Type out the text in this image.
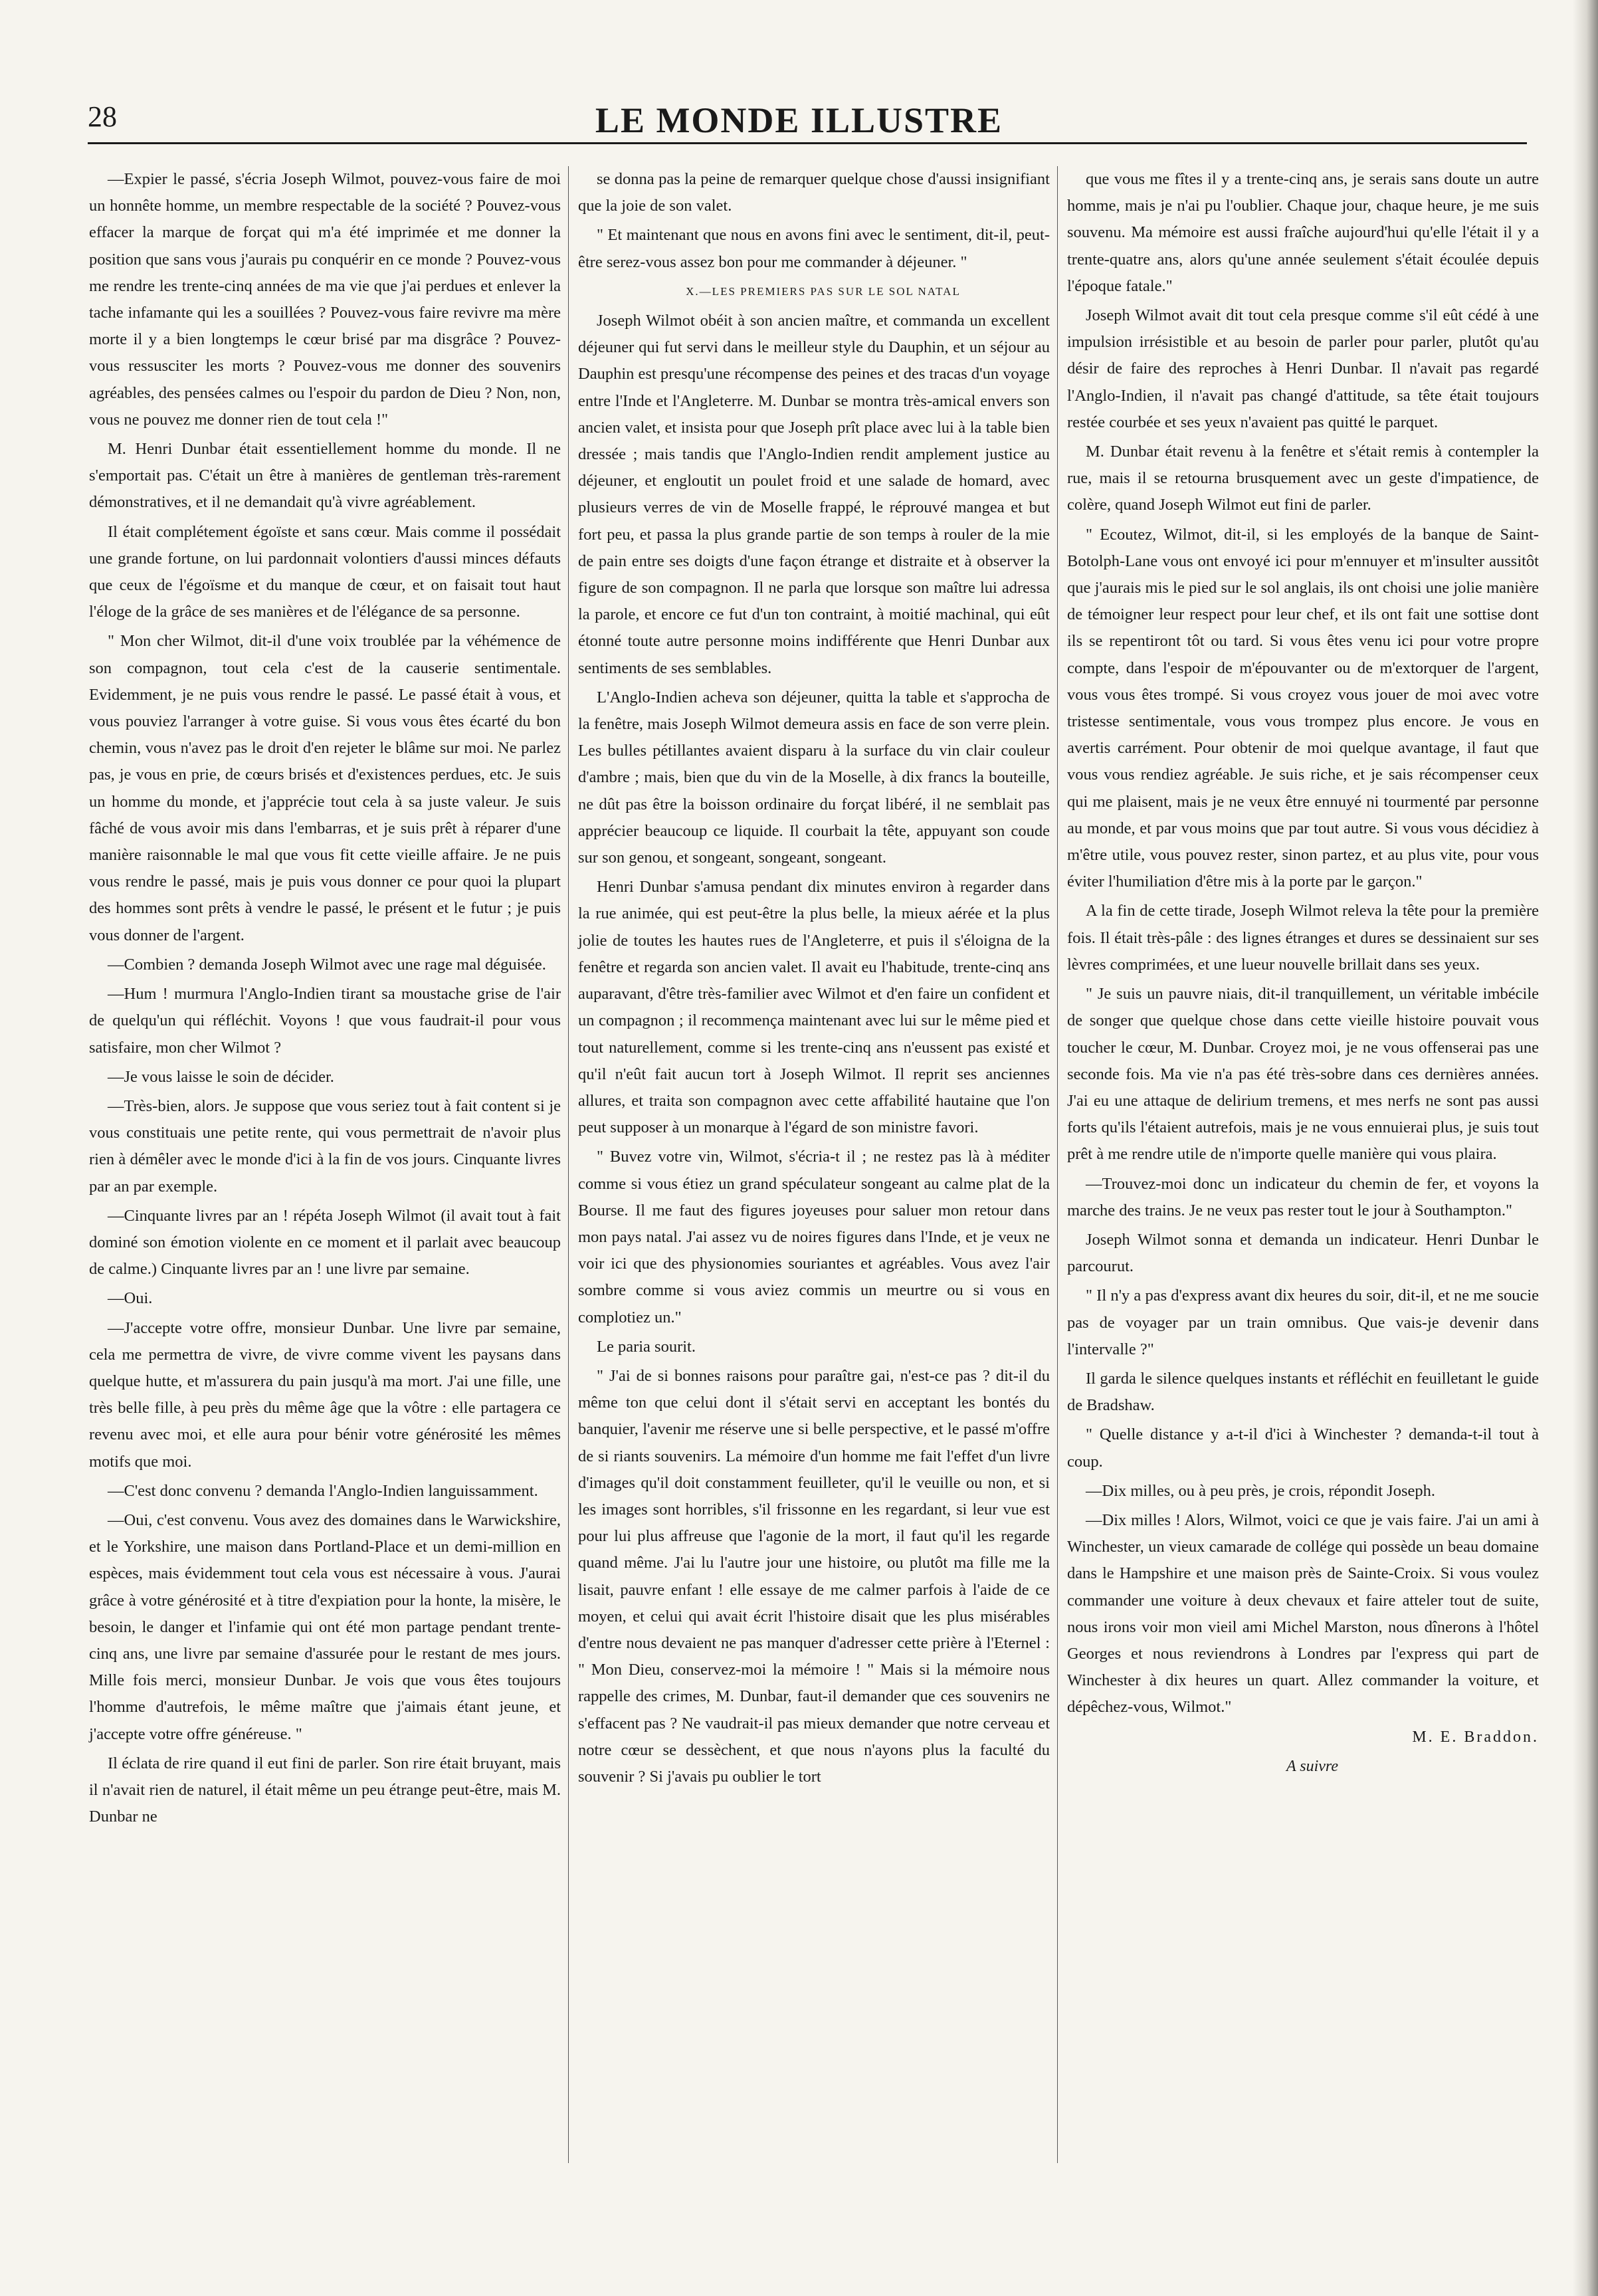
28	LE MONDE ILLUSTRE

—Expier le passé, s'écria Joseph Wilmot, pouvez-vous faire de moi un honnête homme, un membre respectable de la société ? Pouvez-vous effacer la marque de forçat qui m'a été imprimée et me donner la position que sans vous j'aurais pu conquérir en ce monde ? Pouvez-vous me rendre les trente-cinq années de ma vie que j'ai perdues et enlever la tache infamante qui les a souillées ? Pouvez-vous faire revivre ma mère morte il y a bien longtemps le cœur brisé par ma disgrâce ? Pouvez-vous ressusciter les morts ? Pouvez-vous me donner des souvenirs agréables, des pensées calmes ou l'espoir du pardon de Dieu ? Non, non, vous ne pouvez me donner rien de tout cela !"

M. Henri Dunbar était essentiellement homme du monde. Il ne s'emportait pas. C'était un être à manières de gentleman très-rarement démonstratives, et il ne demandait qu'à vivre agréablement.

Il était complétement égoïste et sans cœur. Mais comme il possédait une grande fortune, on lui pardonnait volontiers d'aussi minces défauts que ceux de l'égoïsme et du manque de cœur, et on faisait tout haut l'éloge de la grâce de ses manières et de l'élégance de sa personne.

" Mon cher Wilmot, dit-il d'une voix troublée par la véhémence de son compagnon, tout cela c'est de la causerie sentimentale. Evidemment, je ne puis vous rendre le passé. Le passé était à vous, et vous pouviez l'arranger à votre guise. Si vous vous êtes écarté du bon chemin, vous n'avez pas le droit d'en rejeter le blâme sur moi. Ne parlez pas, je vous en prie, de cœurs brisés et d'existences perdues, etc. Je suis un homme du monde, et j'apprécie tout cela à sa juste valeur. Je suis fâché de vous avoir mis dans l'embarras, et je suis prêt à réparer d'une manière raisonnable le mal que vous fit cette vieille affaire. Je ne puis vous rendre le passé, mais je puis vous donner ce pour quoi la plupart des hommes sont prêts à vendre le passé, le présent et le futur ; je puis vous donner de l'argent.

—Combien ? demanda Joseph Wilmot avec une rage mal déguisée.

—Hum ! murmura l'Anglo-Indien tirant sa moustache grise de l'air de quelqu'un qui réfléchit. Voyons ! que vous faudrait-il pour vous satisfaire, mon cher Wilmot ?

—Je vous laisse le soin de décider.

—Très-bien, alors. Je suppose que vous seriez tout à fait content si je vous constituais une petite rente, qui vous permettrait de n'avoir plus rien à démêler avec le monde d'ici à la fin de vos jours. Cinquante livres par an par exemple.

—Cinquante livres par an ! répéta Joseph Wilmot (il avait tout à fait dominé son émotion violente en ce moment et il parlait avec beaucoup de calme.) Cinquante livres par an ! une livre par semaine.

—Oui.

—J'accepte votre offre, monsieur Dunbar. Une livre par semaine, cela me permettra de vivre, de vivre comme vivent les paysans dans quelque hutte, et m'assurera du pain jusqu'à ma mort. J'ai une fille, une très belle fille, à peu près du même âge que la vôtre : elle partagera ce revenu avec moi, et elle aura pour bénir votre générosité les mêmes motifs que moi.

—C'est donc convenu ? demanda l'Anglo-Indien languissamment.

—Oui, c'est convenu. Vous avez des domaines dans le Warwickshire, et le Yorkshire, une maison dans Portland-Place et un demi-million en espèces, mais évidemment tout cela vous est nécessaire à vous. J'aurai grâce à votre générosité et à titre d'expiation pour la honte, la misère, le besoin, le danger et l'infamie qui ont été mon partage pendant trente-cinq ans, une livre par semaine d'assurée pour le restant de mes jours. Mille fois merci, monsieur Dunbar. Je vois que vous êtes toujours l'homme d'autrefois, le même maître que j'aimais étant jeune, et j'accepte votre offre généreuse. "

Il éclata de rire quand il eut fini de parler. Son rire était bruyant, mais il n'avait rien de naturel, il était même un peu étrange peut-être, mais M. Dunbar ne

se donna pas la peine de remarquer quelque chose d'aussi insignifiant que la joie de son valet.

" Et maintenant que nous en avons fini avec le sentiment, dit-il, peut-être serez-vous assez bon pour me commander à déjeuner. "

X.—LES PREMIERS PAS SUR LE SOL NATAL

Joseph Wilmot obéit à son ancien maître, et commanda un excellent déjeuner qui fut servi dans le meilleur style du Dauphin, et un séjour au Dauphin est presqu'une récompense des peines et des tracas d'un voyage entre l'Inde et l'Angleterre. M. Dunbar se montra très-amical envers son ancien valet, et insista pour que Joseph prît place avec lui à la table bien dressée ; mais tandis que l'Anglo-Indien rendit amplement justice au déjeuner, et engloutit un poulet froid et une salade de homard, avec plusieurs verres de vin de Moselle frappé, le réprouvé mangea et but fort peu, et passa la plus grande partie de son temps à rouler de la mie de pain entre ses doigts d'une façon étrange et distraite et à observer la figure de son compagnon. Il ne parla que lorsque son maître lui adressa la parole, et encore ce fut d'un ton contraint, à moitié machinal, qui eût étonné toute autre personne moins indifférente que Henri Dunbar aux sentiments de ses semblables.

L'Anglo-Indien acheva son déjeuner, quitta la table et s'approcha de la fenêtre, mais Joseph Wilmot demeura assis en face de son verre plein. Les bulles pétillantes avaient disparu à la surface du vin clair couleur d'ambre ; mais, bien que du vin de la Moselle, à dix francs la bouteille, ne dût pas être la boisson ordinaire du forçat libéré, il ne semblait pas apprécier beaucoup ce liquide. Il courbait la tête, appuyant son coude sur son genou, et songeant, songeant, songeant.

Henri Dunbar s'amusa pendant dix minutes environ à regarder dans la rue animée, qui est peut-être la plus belle, la mieux aérée et la plus jolie de toutes les hautes rues de l'Angleterre, et puis il s'éloigna de la fenêtre et regarda son ancien valet. Il avait eu l'habitude, trente-cinq ans auparavant, d'être très-familier avec Wilmot et d'en faire un confident et un compagnon ; il recommença maintenant avec lui sur le même pied et tout naturellement, comme si les trente-cinq ans n'eussent pas existé et qu'il n'eût fait aucun tort à Joseph Wilmot. Il reprit ses anciennes allures, et traita son compagnon avec cette affabilité hautaine que l'on peut supposer à un monarque à l'égard de son ministre favori.

" Buvez votre vin, Wilmot, s'écria-t il ; ne restez pas là à méditer comme si vous étiez un grand spéculateur songeant au calme plat de la Bourse. Il me faut des figures joyeuses pour saluer mon retour dans mon pays natal. J'ai assez vu de noires figures dans l'Inde, et je veux ne voir ici que des physionomies souriantes et agréables. Vous avez l'air sombre comme si vous aviez commis un meurtre ou si vous en complotiez un."

Le paria sourit.

" J'ai de si bonnes raisons pour paraître gai, n'est-ce pas ? dit-il du même ton que celui dont il s'était servi en acceptant les bontés du banquier, l'avenir me réserve une si belle perspective, et le passé m'offre de si riants souvenirs. La mémoire d'un homme me fait l'effet d'un livre d'images qu'il doit constamment feuilleter, qu'il le veuille ou non, et si les images sont horribles, s'il frissonne en les regardant, si leur vue est pour lui plus affreuse que l'agonie de la mort, il faut qu'il les regarde quand même. J'ai lu l'autre jour une histoire, ou plutôt ma fille me la lisait, pauvre enfant ! elle essaye de me calmer parfois à l'aide de ce moyen, et celui qui avait écrit l'histoire disait que les plus misérables d'entre nous devaient ne pas manquer d'adresser cette prière à l'Eternel : " Mon Dieu, conservez-moi la mémoire ! " Mais si la mémoire nous rappelle des crimes, M. Dunbar, faut-il demander que ces souvenirs ne s'effacent pas ? Ne vaudrait-il pas mieux demander que notre cerveau et notre cœur se dessèchent, et que nous n'ayons plus la faculté du souvenir ? Si j'avais pu oublier le tort

que vous me fîtes il y a trente-cinq ans, je serais sans doute un autre homme, mais je n'ai pu l'oublier. Chaque jour, chaque heure, je me suis souvenu. Ma mémoire est aussi fraîche aujourd'hui qu'elle l'était il y a trente-quatre ans, alors qu'une année seulement s'était écoulée depuis l'époque fatale."

Joseph Wilmot avait dit tout cela presque comme s'il eût cédé à une impulsion irrésistible et au besoin de parler pour parler, plutôt qu'au désir de faire des reproches à Henri Dunbar. Il n'avait pas regardé l'Anglo-Indien, il n'avait pas changé d'attitude, sa tête était toujours restée courbée et ses yeux n'avaient pas quitté le parquet.

M. Dunbar était revenu à la fenêtre et s'était remis à contempler la rue, mais il se retourna brusquement avec un geste d'impatience, de colère, quand Joseph Wilmot eut fini de parler.

" Ecoutez, Wilmot, dit-il, si les employés de la banque de Saint-Botolph-Lane vous ont envoyé ici pour m'ennuyer et m'insulter aussitôt que j'aurais mis le pied sur le sol anglais, ils ont choisi une jolie manière de témoigner leur respect pour leur chef, et ils ont fait une sottise dont ils se repentiront tôt ou tard. Si vous êtes venu ici pour votre propre compte, dans l'espoir de m'épouvanter ou de m'extorquer de l'argent, vous vous êtes trompé. Si vous croyez vous jouer de moi avec votre tristesse sentimentale, vous vous trompez plus encore. Je vous en avertis carrément. Pour obtenir de moi quelque avantage, il faut que vous vous rendiez agréable. Je suis riche, et je sais récompenser ceux qui me plaisent, mais je ne veux être ennuyé ni tourmenté par personne au monde, et par vous moins que par tout autre. Si vous vous décidiez à m'être utile, vous pouvez rester, sinon partez, et au plus vite, pour vous éviter l'humiliation d'être mis à la porte par le garçon."

A la fin de cette tirade, Joseph Wilmot releva la tête pour la première fois. Il était très-pâle : des lignes étranges et dures se dessinaient sur ses lèvres comprimées, et une lueur nouvelle brillait dans ses yeux.

" Je suis un pauvre niais, dit-il tranquillement, un véritable imbécile de songer que quelque chose dans cette vieille histoire pouvait vous toucher le cœur, M. Dunbar. Croyez moi, je ne vous offenserai pas une seconde fois. Ma vie n'a pas été très-sobre dans ces dernières années. J'ai eu une attaque de delirium tremens, et mes nerfs ne sont pas aussi forts qu'ils l'étaient autrefois, mais je ne vous ennuierai plus, je suis tout prêt à me rendre utile de n'importe quelle manière qui vous plaira.

—Trouvez-moi donc un indicateur du chemin de fer, et voyons la marche des trains. Je ne veux pas rester tout le jour à Southampton."

Joseph Wilmot sonna et demanda un indicateur. Henri Dunbar le parcourut.

" Il n'y a pas d'express avant dix heures du soir, dit-il, et ne me soucie pas de voyager par un train omnibus. Que vais-je devenir dans l'intervalle ?"

Il garda le silence quelques instants et réfléchit en feuilletant le guide de Bradshaw.

" Quelle distance y a-t-il d'ici à Winchester ? demanda-t-il tout à coup.

—Dix milles, ou à peu près, je crois, répondit Joseph.

—Dix milles ! Alors, Wilmot, voici ce que je vais faire. J'ai un ami à Winchester, un vieux camarade de collége qui possède un beau domaine dans le Hampshire et une maison près de Sainte-Croix. Si vous voulez commander une voiture à deux chevaux et faire atteler tout de suite, nous irons voir mon vieil ami Michel Marston, nous dînerons à l'hôtel Georges et nous reviendrons à Londres par l'express qui part de Winchester à dix heures un quart. Allez commander la voiture, et dépêchez-vous, Wilmot."

M. E. Braddon.

A suivre
